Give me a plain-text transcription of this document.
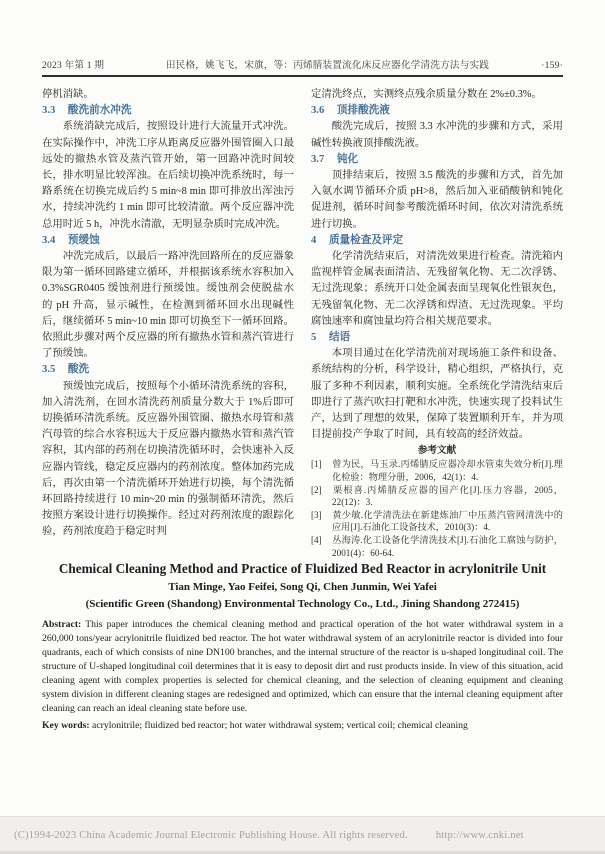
2023 年第 1 期	田民格，姚飞飞，宋旗，等：丙烯腈装置流化床反应器化学清洗方法与实践	·159·

停机消缺。

3.3 酸洗前水冲洗

系统消缺完成后，按照设计进行大流量开式冲洗。在实际操作中，冲洗工序从距离反应器外围管圈入口最远处的撤热水管及蒸汽管开始，第一回路冲洗时间较长，排水明显比较浑浊。在后续切换冲洗系统时，每一路系统在切换完成后约 5 min~8 min 即可排放出浑浊污水，持续冲洗约 1 min 即可比较清澈。两个反应器冲洗总用时近 5 h，冲洗水清澈，无明显杂质时完成冲洗。

3.4 预缓蚀

冲洗完成后，以最后一路冲洗回路所在的反应器象限为第一循环回路建立循环，并根据该系统水容积加入 0.3%SGR0405 缓蚀剂进行预缓蚀。缓蚀剂会使脱盐水的 pH 升高，显示碱性，在检测到循环回水出现碱性后，继续循环 5 min~10 min 即可切换至下一循环回路。依照此步骤对两个反应器的所有撤热水管和蒸汽管进行了预缓蚀。

3.5 酸洗

预缓蚀完成后，按照每个小循环清洗系统的容积，加入清洗剂，在回水清洗药剂质量分数大于 1%后即可切换循环清洗系统。反应器外围管圈、撤热水母管和蒸汽母管的综合水容积远大于反应器内撤热水管和蒸汽管容积，其内部的药剂在切换清洗循环时，会快速补入反应器内管线，稳定反应器内的药剂浓度。整体加药完成后，再次由第一个清洗循环开始进行切换，每个清洗循环回路持续进行 10 min~20 min 的强制循环清洗，然后按照方案设计进行切换操作。经过对药剂浓度的跟踪化验，药剂浓度趋于稳定时判

定清洗终点，实测终点残余质量分数在 2%±0.3%。

3.6 顶排酸洗液

酸洗完成后，按照 3.3 水冲洗的步骤和方式，采用碱性转换液顶排酸洗液。

3.7 钝化

顶排结束后，按照 3.5 酸洗的步骤和方式，首先加入氨水调节循环介质 pH>8，然后加入亚硝酸钠和钝化促进剂，循环时间参考酸洗循环时间，依次对清洗系统进行切换。

4 质量检查及评定

化学清洗结束后，对清洗效果进行检查。清洗箱内监视样管金属表面清洁、无残留氧化物、无二次浮锈、无过洗现象；系统开口处金属表面呈现氧化性银灰色，无残留氧化物、无二次浮锈和焊渣、无过洗现象。平均腐蚀速率和腐蚀量均符合相关规范要求。

5 结语

本项目通过在化学清洗前对现场施工条件和设备、系统结构的分析，科学设计，精心组织，严格执行，克服了多种不利因素，顺利实施。全系统化学清洗结束后即进行了蒸汽吹扫打靶和水冲洗，快速实现了投料试生产，达到了理想的效果，保障了装置顺利开车，并为项目提前投产争取了时间，具有较高的经济效益。

参考文献
[1] 曾为民，马玉录.丙烯腈反应器冷却水管束失效分析[J].理化检验：物理分册，2006，42(1)：4.
[2] 栗根喜.丙烯腈反应器的国产化[J].压力容器，2005，22(12)：3.
[3] 黄少敏.化学清洗法在新建炼油厂中压蒸汽管网清洗中的应用[J].石油化工设备技术，2010(3)：4.
[4] 丛海涛.化工设备化学清洗技术[J].石油化工腐蚀与防护，2001(4)：60-64.
Chemical Cleaning Method and Practice of Fluidized Bed Reactor in acrylonitrile Unit
Tian Minge, Yao Feifei, Song Qi, Chen Junmin, Wei Yafei
(Scientific Green (Shandong) Environmental Technology Co., Ltd., Jining Shandong 272415)

Abstract: This paper introduces the chemical cleaning method and practical operation of the hot water withdrawal system in a 260,000 tons/year acrylonitrile fluidized bed reactor. The hot water withdrawal system of an acrylonitrile reactor is divided into four quadrants, each of which consists of nine DN100 branches, and the internal structure of the reactor is u-shaped longitudinal coil. The structure of U-shaped longitudinal coil determines that it is easy to deposit dirt and rust products inside. In view of this situation, acid cleaning agent with complex properties is selected for chemical cleaning, and the selection of cleaning equipment and cleaning system division in different cleaning stages are redesigned and optimized, which can ensure that the internal cleaning equipment after cleaning can reach an ideal cleaning state before use.

Key words: acrylonitrile; fluidized bed reactor; hot water withdrawal system; vertical coil; chemical cleaning

(C)1994-2023 China Academic Journal Electronic Publishing House. All rights reserved.	http://www.cnki.net
